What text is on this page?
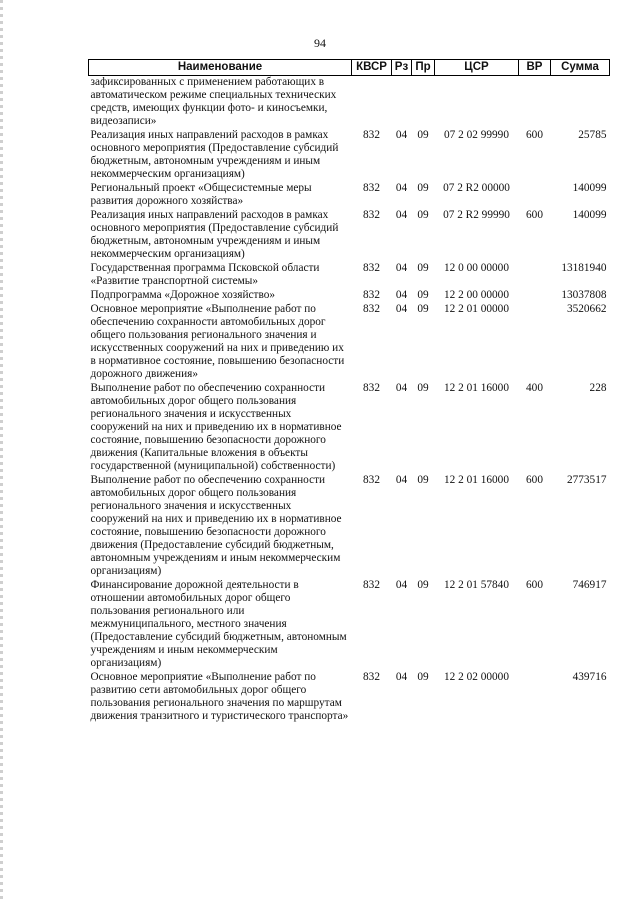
94
Наименование	КВСР	Рз	Пр	ЦСР	ВР	Сумма
зафиксированных с применением работающих в автоматическом режиме специальных технических средств, имеющих функции фото- и киносъемки, видеозаписи»						
Реализация иных направлений расходов в рамках основного мероприятия (Предоставление субсидий бюджетным, автономным учреждениям и иным некоммерческим организациям)	832	04	09	07 2 02 99990	600	25785
Региональный проект «Общесистемные меры развития дорожного хозяйства»	832	04	09	07 2 R2 00000		140099
Реализация иных направлений расходов в рамках основного мероприятия (Предоставление субсидий бюджетным, автономным учреждениям и иным некоммерческим организациям)	832	04	09	07 2 R2 99990	600	140099
Государственная программа Псковской области «Развитие транспортной системы»	832	04	09	12 0 00 00000		13181940
Подпрограмма «Дорожное хозяйство»	832	04	09	12 2 00 00000		13037808
Основное мероприятие «Выполнение работ по обеспечению сохранности автомобильных дорог общего пользования регионального значения и искусственных сооружений на них и приведению их в нормативное состояние, повышению безопасности дорожного движения»	832	04	09	12 2 01 00000		3520662
Выполнение работ по обеспечению сохранности автомобильных дорог общего пользования регионального значения и искусственных сооружений на них и приведению их в нормативное состояние, повышению безопасности дорожного движения (Капитальные вложения в объекты государственной (муниципальной) собственности)	832	04	09	12 2 01 16000	400	228
Выполнение работ по обеспечению сохранности автомобильных дорог общего пользования регионального значения и искусственных сооружений на них и приведению их в нормативное состояние, повышению безопасности дорожного движения (Предоставление субсидий бюджетным, автономным учреждениям и иным некоммерческим организациям)	832	04	09	12 2 01 16000	600	2773517
Финансирование дорожной деятельности в отношении автомобильных дорог общего пользования регионального или межмуниципального, местного значения (Предоставление субсидий бюджетным, автономным учреждениям и иным некоммерческим организациям)	832	04	09	12 2 01 57840	600	746917
Основное мероприятие «Выполнение работ по развитию сети автомобильных дорог общего пользования регионального значения по маршрутам движения транзитного и туристического транспорта»	832	04	09	12 2 02 00000		439716
